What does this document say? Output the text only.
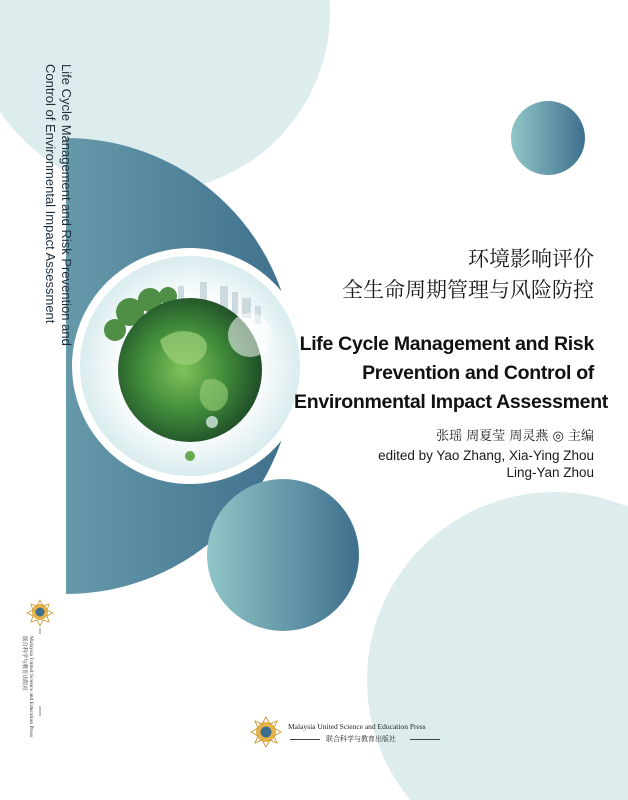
Life Cycle Management and Risk Prevention and
Control of Environmental Impact Assessment	环境影响评价
全生命周期管理与风险防控
Life Cycle Management and Risk
Prevention and Control of
Environmental Impact Assessment
张瑶 周夏莹 周灵燕 ◎ 主编
edited by Yao Zhang, Xia-Ying Zhou
Ling-Yan Zhou
Malaysia United Science and Education Press
联合科学与教育出版社
Malaysia United Science and Education Press
联合科学与教育出版社
